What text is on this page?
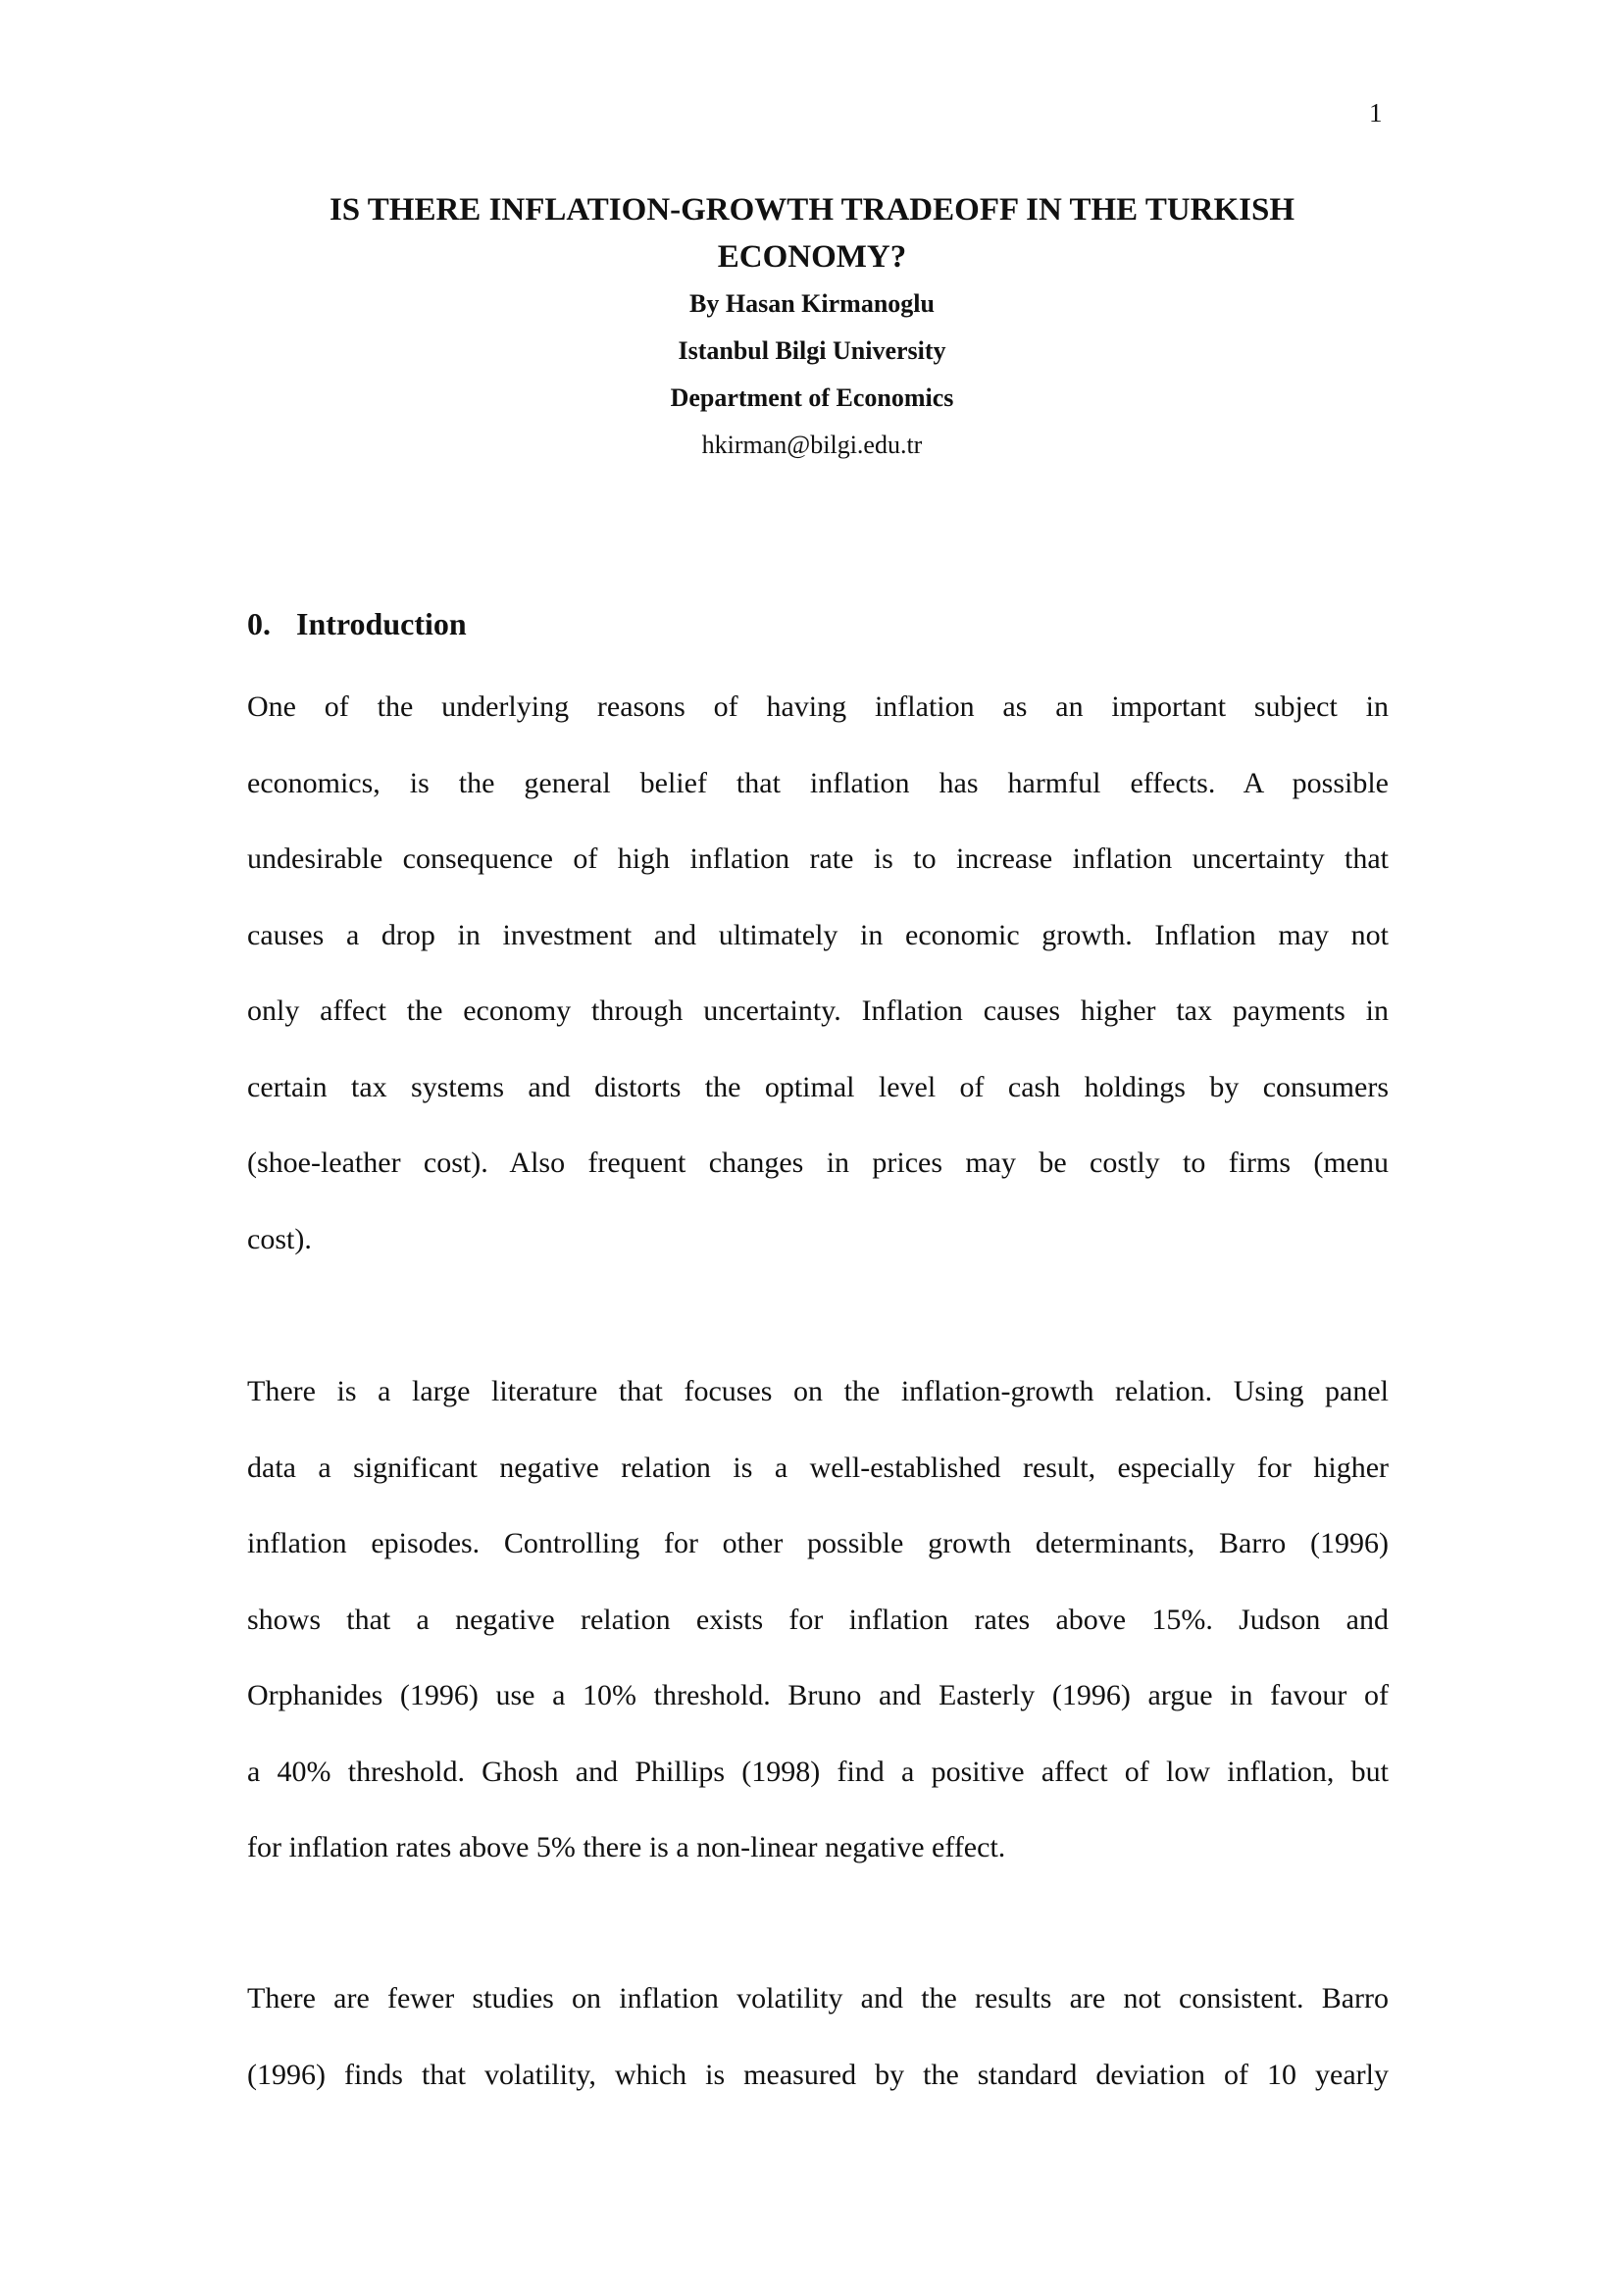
1
IS THERE INFLATION-GROWTH TRADEOFF IN THE TURKISH
ECONOMY?
By Hasan Kirmanoglu
Istanbul Bilgi University
Department of Economics
hkirman@bilgi.edu.tr
0. Introduction
One of the underlying reasons of having inflation as an important subject in
economics, is the general belief that inflation has harmful effects. A possible
undesirable consequence of high inflation rate is to increase inflation uncertainty that
causes a drop in investment and ultimately in economic growth. Inflation may not
only affect the economy through uncertainty. Inflation causes higher tax payments in
certain tax systems and distorts the optimal level of cash holdings by consumers
(shoe-leather cost). Also frequent changes in prices may be costly to firms (menu
cost).
There is a large literature that focuses on the inflation-growth relation. Using panel
data a significant negative relation is a well-established result, especially for higher
inflation episodes. Controlling for other possible growth determinants, Barro (1996)
shows that a negative relation exists for inflation rates above 15%. Judson and
Orphanides (1996) use a 10% threshold. Bruno and Easterly (1996) argue in favour of
a 40% threshold. Ghosh and Phillips (1998) find a positive affect of low inflation, but
for inflation rates above 5% there is a non-linear negative effect.
There are fewer studies on inflation volatility and the results are not consistent. Barro
(1996) finds that volatility, which is measured by the standard deviation of 10 yearly
